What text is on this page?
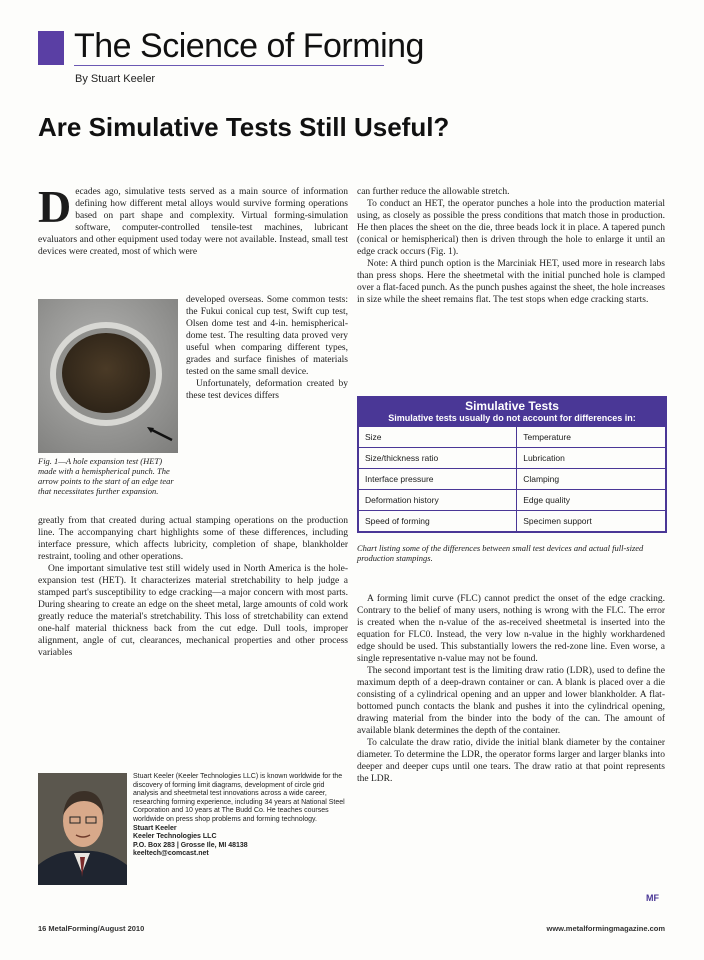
The Science of Forming
By Stuart Keeler
Are Simulative Tests Still Useful?

Decades ago, simulative tests served as a main source of information defining how different metal alloys would survive forming operations based on part shape and complexity. Virtual forming-simulation software, computer-controlled tensile-test machines, lubricant evaluators and other equipment used today were not available. Instead, small test devices were created, most of which were

Fig. 1—A hole expansion test (HET) made with a hemispherical punch. The arrow points to the start of an edge tear that necessitates further expansion.

developed overseas. Some common tests: the Fukui conical cup test, Swift cup test, Olsen dome test and 4-in. hemispherical-dome test. The resulting data proved very useful when comparing different types, grades and surface finishes of materials tested on the same small device.

Unfortunately, deformation created by these test devices differs

greatly from that created during actual stamping operations on the production line. The accompanying chart highlights some of these differences, including interface pressure, which affects lubricity, completion of shape, blankholder restraint, tooling and other operations.

One important simulative test still widely used in North America is the hole-expansion test (HET). It characterizes material stretchability to help judge a stamped part's susceptibility to edge cracking—a major concern with most parts. During shearing to create an edge on the sheet metal, large amounts of cold work greatly reduce the material's stretchability. This loss of stretchability can extend one-half material thickness back from the cut edge. Dull tools, improper alignment, angle of cut, clearances, mechanical properties and other process variables

Stuart Keeler (Keeler Technologies LLC) is known worldwide for the discovery of forming limit diagrams, development of circle grid analysis and sheetmetal test innovations across a wide career, researching forming experience, including 34 years at National Steel Corporation and 10 years at The Budd Co. He teaches courses worldwide on press shop problems and forming technology.
Stuart Keeler
Keeler Technologies LLC
P.O. Box 283 | Grosse Ile, MI 48138
keeltech@comcast.net

can further reduce the allowable stretch.

To conduct an HET, the operator punches a hole into the production material using, as closely as possible the press conditions that match those in production. He then places the sheet on the die, three beads lock it in place. A tapered punch (conical or hemispherical) then is driven through the hole to enlarge it until an edge crack occurs (Fig. 1).

Note: A third punch option is the Marciniak HET, used more in research labs than press shops. Here the sheetmetal with the initial punched hole is clamped over a flat-faced punch. As the punch pushes against the sheet, the hole increases in size while the sheet remains flat. The test stops when edge cracking starts.

Simulative Tests
Simulative tests usually do not account for differences in:
Size	Temperature
Size/thickness ratio	Lubrication
Interface pressure	Clamping
Deformation history	Edge quality
Speed of forming	Specimen support
Chart listing some of the differences between small test devices and actual full-sized production stampings.

A forming limit curve (FLC) cannot predict the onset of the edge cracking. Contrary to the belief of many users, nothing is wrong with the FLC. The error is created when the n-value of the as-received sheetmetal is inserted into the equation for FLC0. Instead, the very low n-value in the highly workhardened edge should be used. This substantially lowers the red-zone line. Even worse, a single representative n-value may not be found.

The second important test is the limiting draw ratio (LDR), used to define the maximum depth of a deep-drawn container or can. A blank is placed over a die consisting of a cylindrical opening and an upper and lower blankholder. A flat-bottomed punch contacts the blank and pushes it into the cylindrical opening, drawing material from the binder into the body of the can. The amount of available blank determines the depth of the container.

To calculate the draw ratio, divide the initial blank diameter by the container diameter. To determine the LDR, the operator forms larger and larger blanks into deeper and deeper cups until one tears. The draw ratio at that point represents the LDR.

MF
16 MetalForming/August 2010	www.metalformingmagazine.com
